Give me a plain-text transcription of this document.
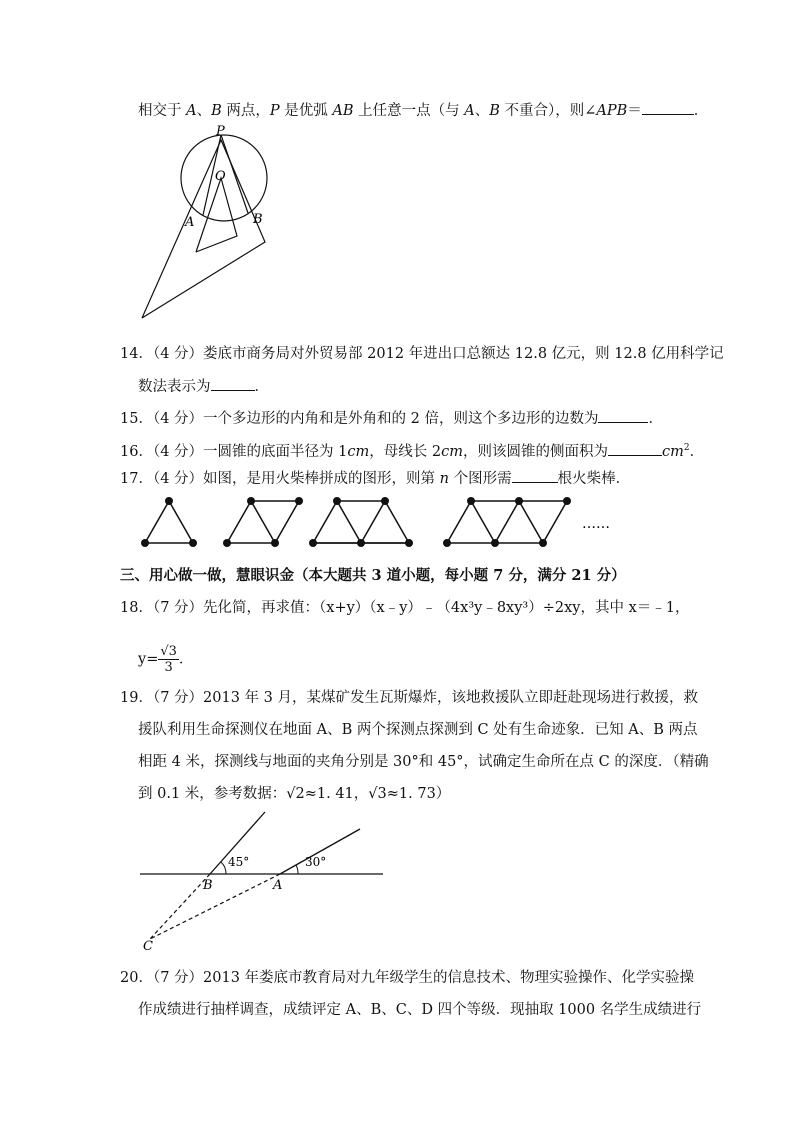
相交于 A、B 两点，P 是优弧 AB 上任意一点（与 A、B 不重合），则∠APB＝	．
P
O
A	B
14．（4 分）娄底市商务局对外贸易部 2012 年进出口总额达 12.8 亿元，则 12.8 亿用科学记
数法表示为	．
15．（4 分）一个多边形的内角和是外角和的 2 倍，则这个多边形的边数为	．
16．（4 分）一圆锥的底面半径为 1cm，母线长 2cm，则该圆锥的侧面积为	$cm^2$．
17．（4 分）如图，是用火柴棒拼成的图形，则第 n 个图形需	根火柴棒．
……
三、用心做一做，慧眼识金（本大题共 3 道小题，每小题 7 分，满分 21 分）
18．（7 分）先化简，再求值：（x+y）（x﹣y）﹣（4x³y﹣8xy³）÷2xy，其中 x＝﹣1，
$y= \frac{√3}{3}$ ．
19．（7 分）2013 年 3 月，某煤矿发生瓦斯爆炸，该地救援队立即赶赴现场进行救援，救
援队利用生命探测仪在地面 A、B 两个探测点探测到 C 处有生命迹象．已知 A、B 两点
相距 4 米，探测线与地面的夹角分别是 30°和 45°，试确定生命所在点 C 的深度．（精确
到 0.1 米，参考数据：√2≈1. 41，√3≈1. 73）
45°	30°
B	A
C
20．（7 分）2013 年娄底市教育局对九年级学生的信息技术、物理实验操作、化学实验操
作成绩进行抽样调查，成绩评定 A、B、C、D 四个等级．现抽取 1000 名学生成绩进行
